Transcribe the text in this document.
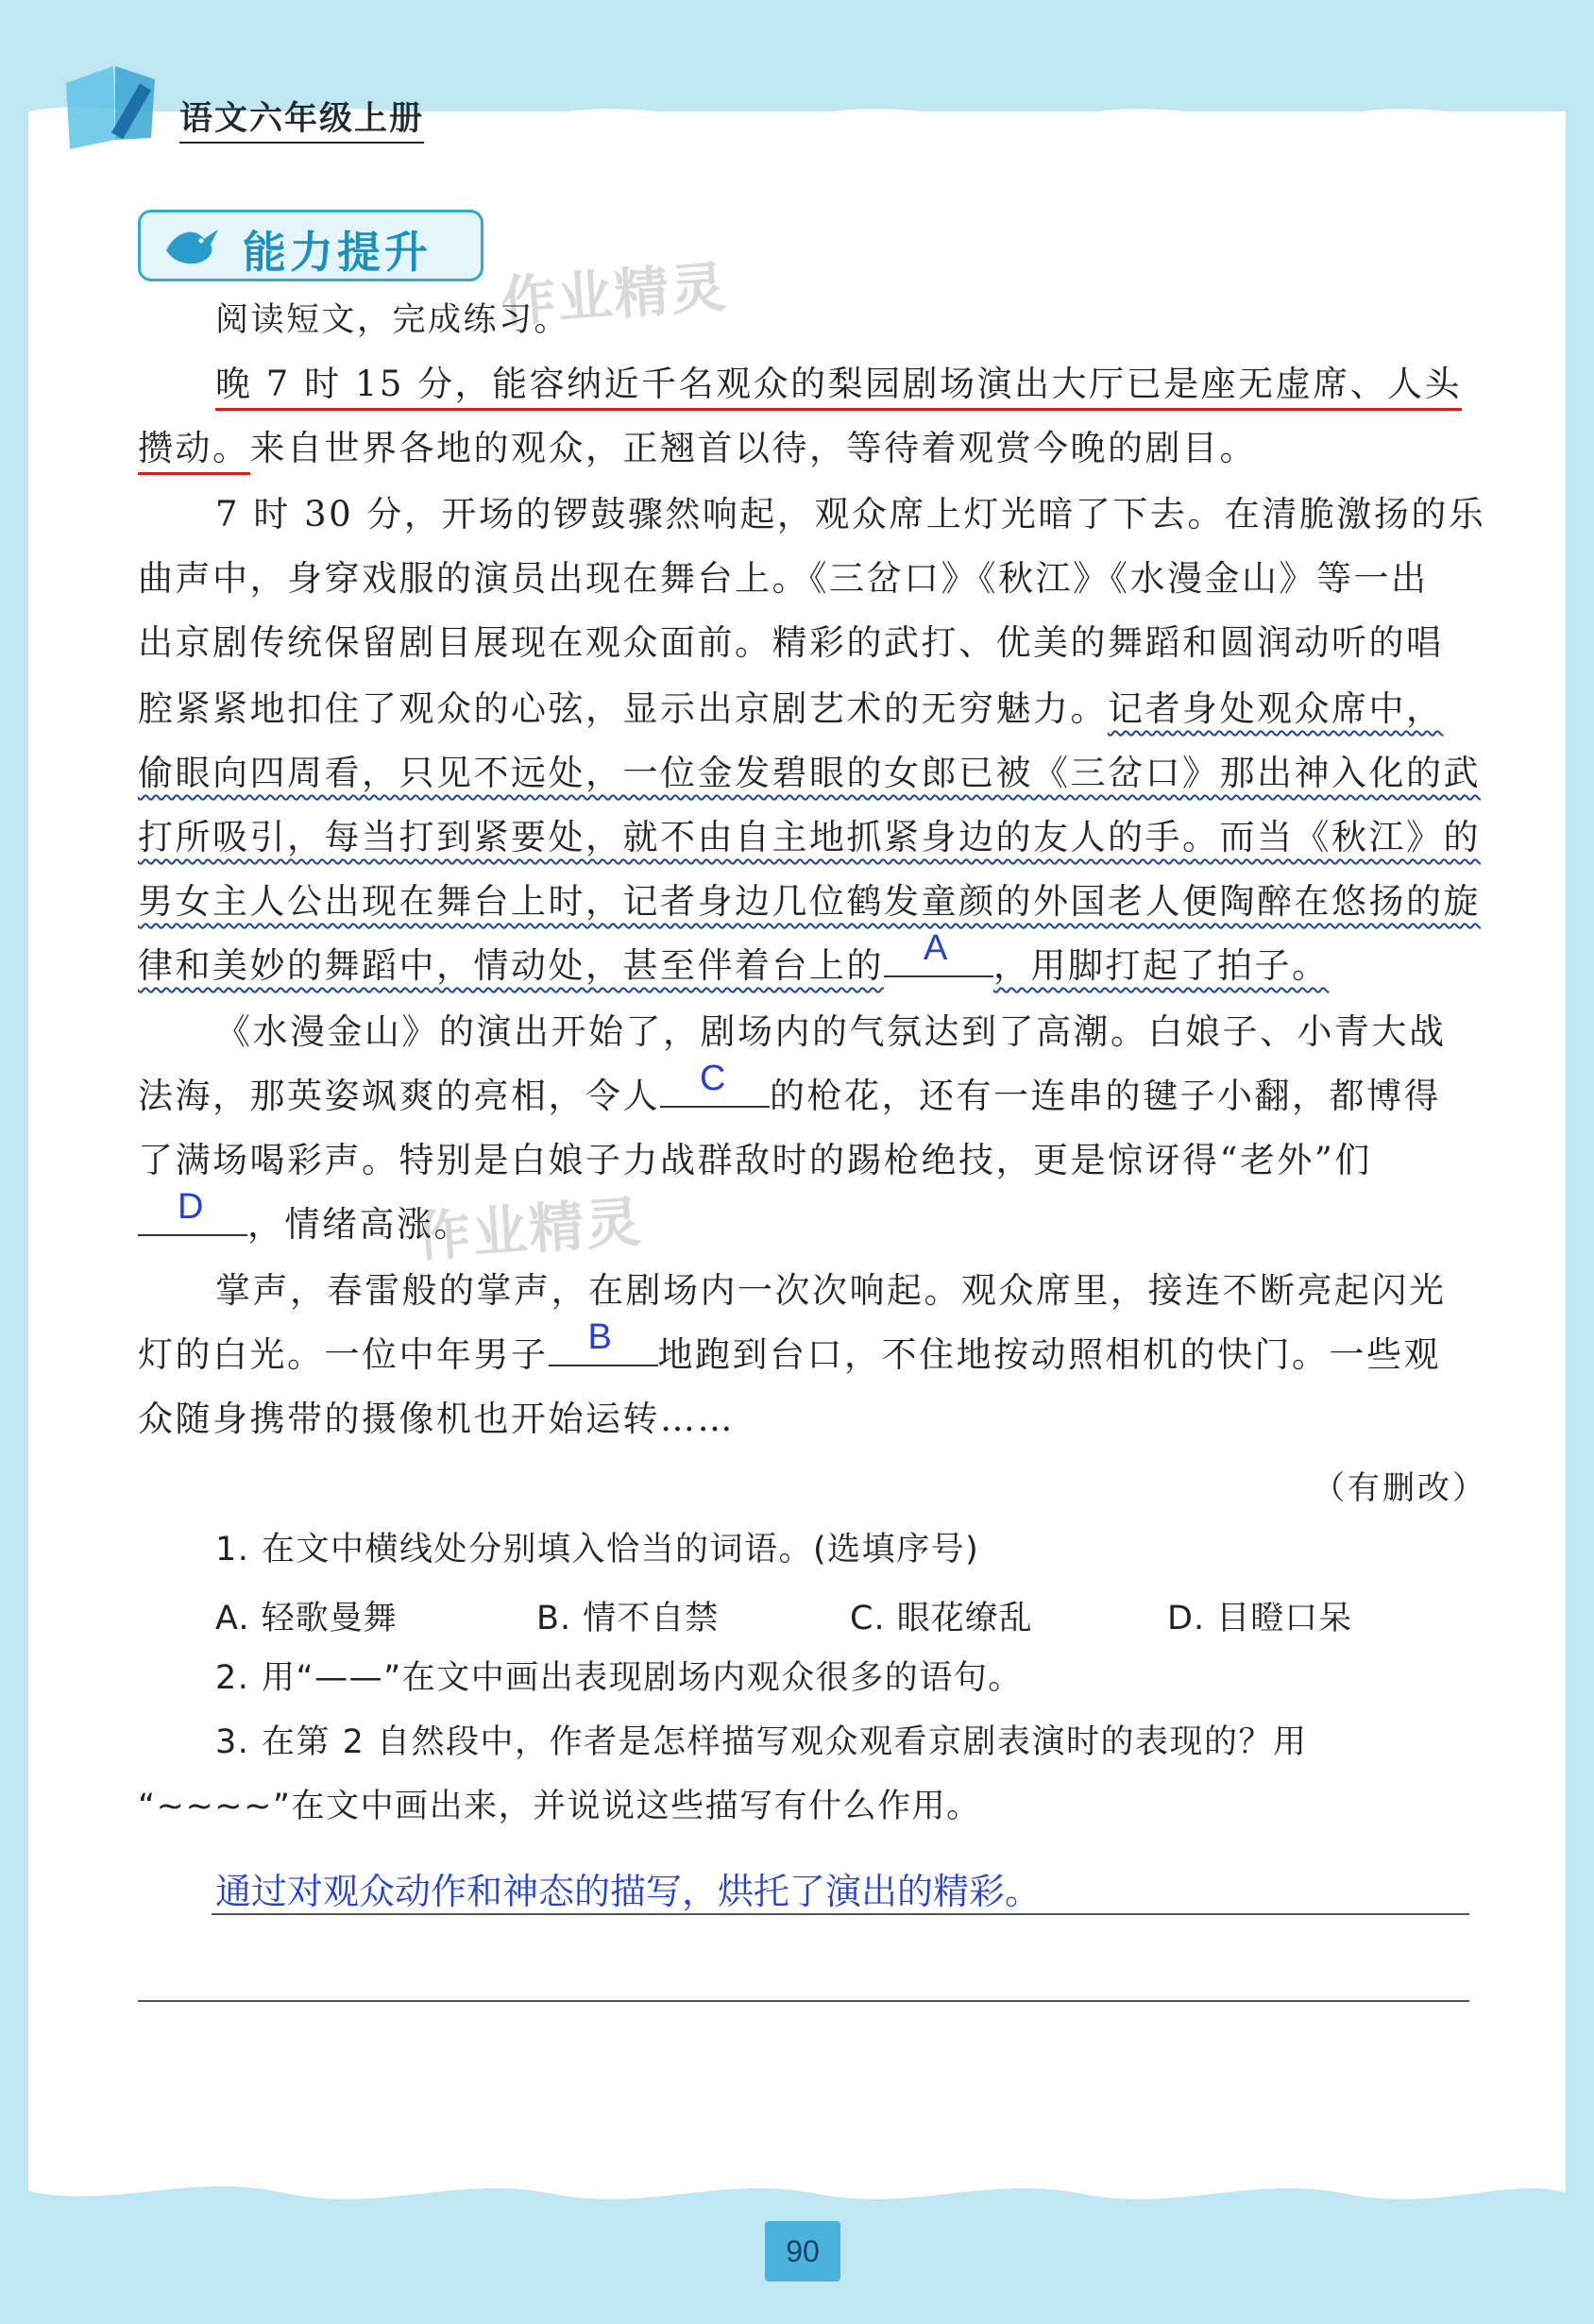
语文六年级上册
能力提升
作业精灵
作业精灵
阅读短文，完成练习。
晚 7 时 15 分，能容纳近千名观众的梨园剧场演出大厅已是座无虚席、人头
攒动。来自世界各地的观众，正翘首以待，等待着观赏今晚的剧目。
7 时 30 分，开场的锣鼓骤然响起，观众席上灯光暗了下去。在清脆激扬的乐
曲声中，身穿戏服的演员出现在舞台上。《三岔口》《秋江》《水漫金山》等一出
出京剧传统保留剧目展现在观众面前。精彩的武打、优美的舞蹈和圆润动听的唱
腔紧紧地扣住了观众的心弦，显示出京剧艺术的无穷魅力。记者身处观众席中，
偷眼向四周看，只见不远处，一位金发碧眼的女郎已被《三岔口》那出神入化的武
打所吸引，每当打到紧要处，就不由自主地抓紧身边的友人的手。而当《秋江》的
男女主人公出现在舞台上时，记者身边几位鹤发童颜的外国老人便陶醉在悠扬的旋
律和美妙的舞蹈中，情动处，甚至伴着台上的 A ，用脚打起了拍子。
《水漫金山》的演出开始了，剧场内的气氛达到了高潮。白娘子、小青大战
法海，那英姿飒爽的亮相，令人 C 的枪花，还有一连串的毽子小翻，都博得
了满场喝彩声。特别是白娘子力战群敌时的踢枪绝技，更是惊讶得“老外”们
D ，情绪高涨。
掌声，春雷般的掌声，在剧场内一次次响起。观众席里，接连不断亮起闪光
灯的白光。一位中年男子 B 地跑到台口，不住地按动照相机的快门。一些观
众随身携带的摄像机也开始运转……
（有删改）
1. 在文中横线处分别填入恰当的词语。(选填序号)
A. 轻歌曼舞	B. 情不自禁	C. 眼花缭乱	D. 目瞪口呆
2. 用“——”在文中画出表现剧场内观众很多的语句。
3. 在第 2 自然段中，作者是怎样描写观众观看京剧表演时的表现的？用
“~~~~”在文中画出来，并说说这些描写有什么作用。
通过对观众动作和神态的描写，烘托了演出的精彩。
90
